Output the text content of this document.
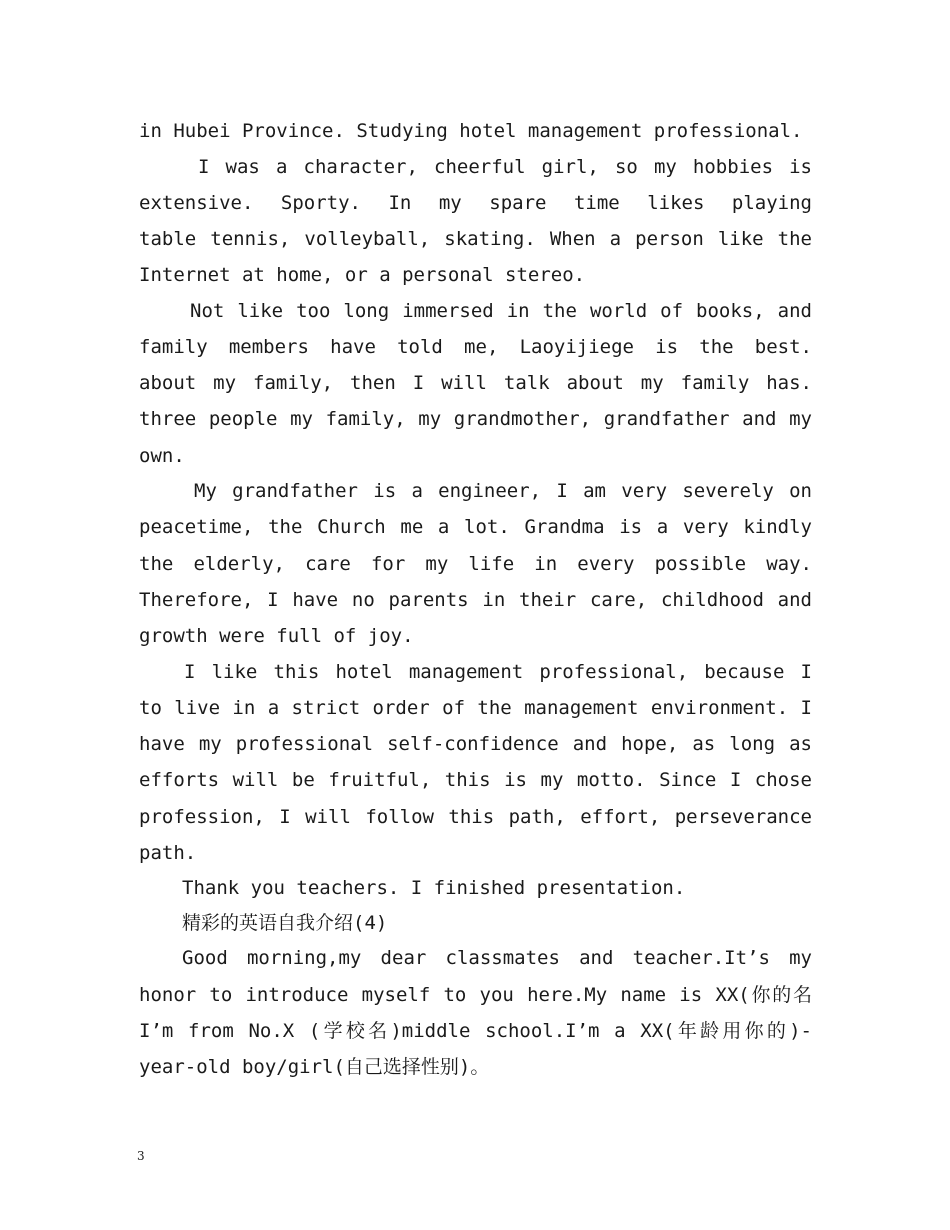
in Hubei Province. Studying hotel management professional.
I was a character, cheerful girl, so my hobbies is
extensive. Sporty. In my spare time likes playing
table tennis, volleyball, skating. When a person like the
Internet at home, or a personal stereo.
Not like too long immersed in the world of books, and
family members have told me, Laoyijiege is the best.
about my family, then I will talk about my family has.
three people my family, my grandmother, grandfather and my
own.
My grandfather is a engineer, I am very severely on
peacetime, the Church me a lot. Grandma is a very kindly
the elderly, care for my life in every possible way.
Therefore, I have no parents in their care, childhood and
growth were full of joy.
I like this hotel management professional, because I
to live in a strict order of the management environment. I
have my professional self-confidence and hope, as long as
efforts will be fruitful, this is my motto. Since I chose
profession, I will follow this path, effort, perseverance
path.
Thank you teachers. I finished presentation.
精彩的英语自我介绍(4)
Good morning,my dear classmates and teacher.It’s my
honor to introduce myself to you here.My name is XX(你的名
I’m from No.X (学校名)middle school.I’m a XX(年龄用你的)-
year-old boy/girl(自己选择性别)。
3
